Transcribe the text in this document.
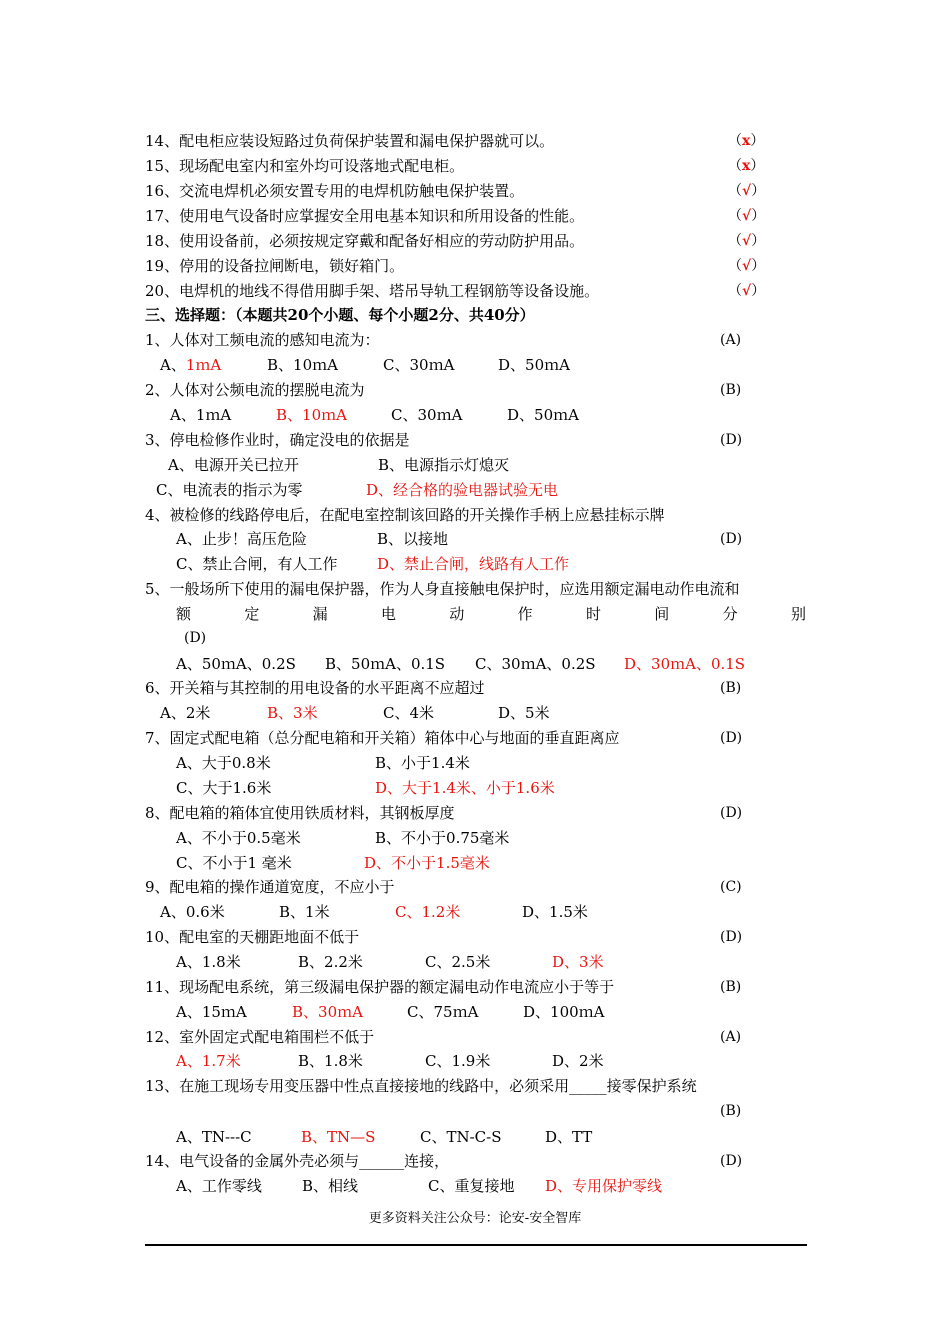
14、配电柜应装设短路过负荷保护装置和漏电保护器就可以。	（x）
15、现场配电室内和室外均可设落地式配电柜。	（x）
16、交流电焊机必须安置专用的电焊机防触电保护装置。	（√）
17、使用电气设备时应掌握安全用电基本知识和所用设备的性能。	（√）
18、使用设备前，必须按规定穿戴和配备好相应的劳动防护用品。	（√）
19、停用的设备拉闸断电，锁好箱门。	（√）
20、电焊机的地线不得借用脚手架、塔吊导轨工程钢筋等设备设施。	（√）
三、选择题：（本题共20个小题、每个小题2分、共40分）
1、人体对工频电流的感知电流为：	(A)
A、1ｍA	B、10ｍA	C、30ｍA	D、50ｍA
2、人体对公频电流的摆脱电流为	(B)
A、1ｍA	B、10ｍA	C、30ｍA	D、50ｍA
3、停电检修作业时，确定没电的依据是	(D)
A、电源开关已拉开	B、电源指示灯熄灭
C、电流表的指示为零	D、经合格的验电器试验无电
4、被检修的线路停电后，在配电室控制该回路的开关操作手柄上应悬挂标示牌
A、止步！高压危险	B、以接地	(D)
C、禁止合闸，有人工作	D、禁止合闸，线路有人工作
5、一般场所下使用的漏电保护器，作为人身直接触电保护时，应选用额定漏电动作电流和
额	定	漏	电	动	作	时	间	分	别
(D)
A、50ｍA、0.2S B、50ｍA、0.1S C、30ｍA、0.2S D、30ｍA、0.1S
6、开关箱与其控制的用电设备的水平距离不应超过	(B)
A、2米	B、3米	C、4米	D、5米
7、固定式配电箱（总分配电箱和开关箱）箱体中心与地面的垂直距离应	(D)
A、大于0.8米	B、小于1.4米
C、大于1.6米	D、大于1.4米、小于1.6米
8、配电箱的箱体宜使用铁质材料，其钢板厚度	(D)
A、不小于0.5毫米	B、不小于0.75毫米
C、不小于1 毫米	D、不小于1.5毫米
9、配电箱的操作通道宽度，不应小于	(C)
A、0.6米	B、1米	C、1.2米	D、1.5米
10、配电室的天棚距地面不低于	(D)
A、1.8米	B、2.2米	C、2.5米	D、3米
11、现场配电系统，第三级漏电保护器的额定漏电动作电流应小于等于	(B)
A、15ｍA	B、30ｍA	C、75ｍA	D、100ｍA
12、室外固定式配电箱围栏不低于	(A)
A、1.7米	B、1.8米	C、1.9米	D、2米
13、在施工现场专用变压器中性点直接接地的线路中，必须采用_____接零保护系统
(B)
A、TN---C	B、TN—S	C、TN-C-S	D、TT
14、电气设备的金属外壳必须与______连接，	(D)
A、工作零线	B、相线	C、重复接地 D、专用保护零线
更多资料关注公众号：论安-安全智库
